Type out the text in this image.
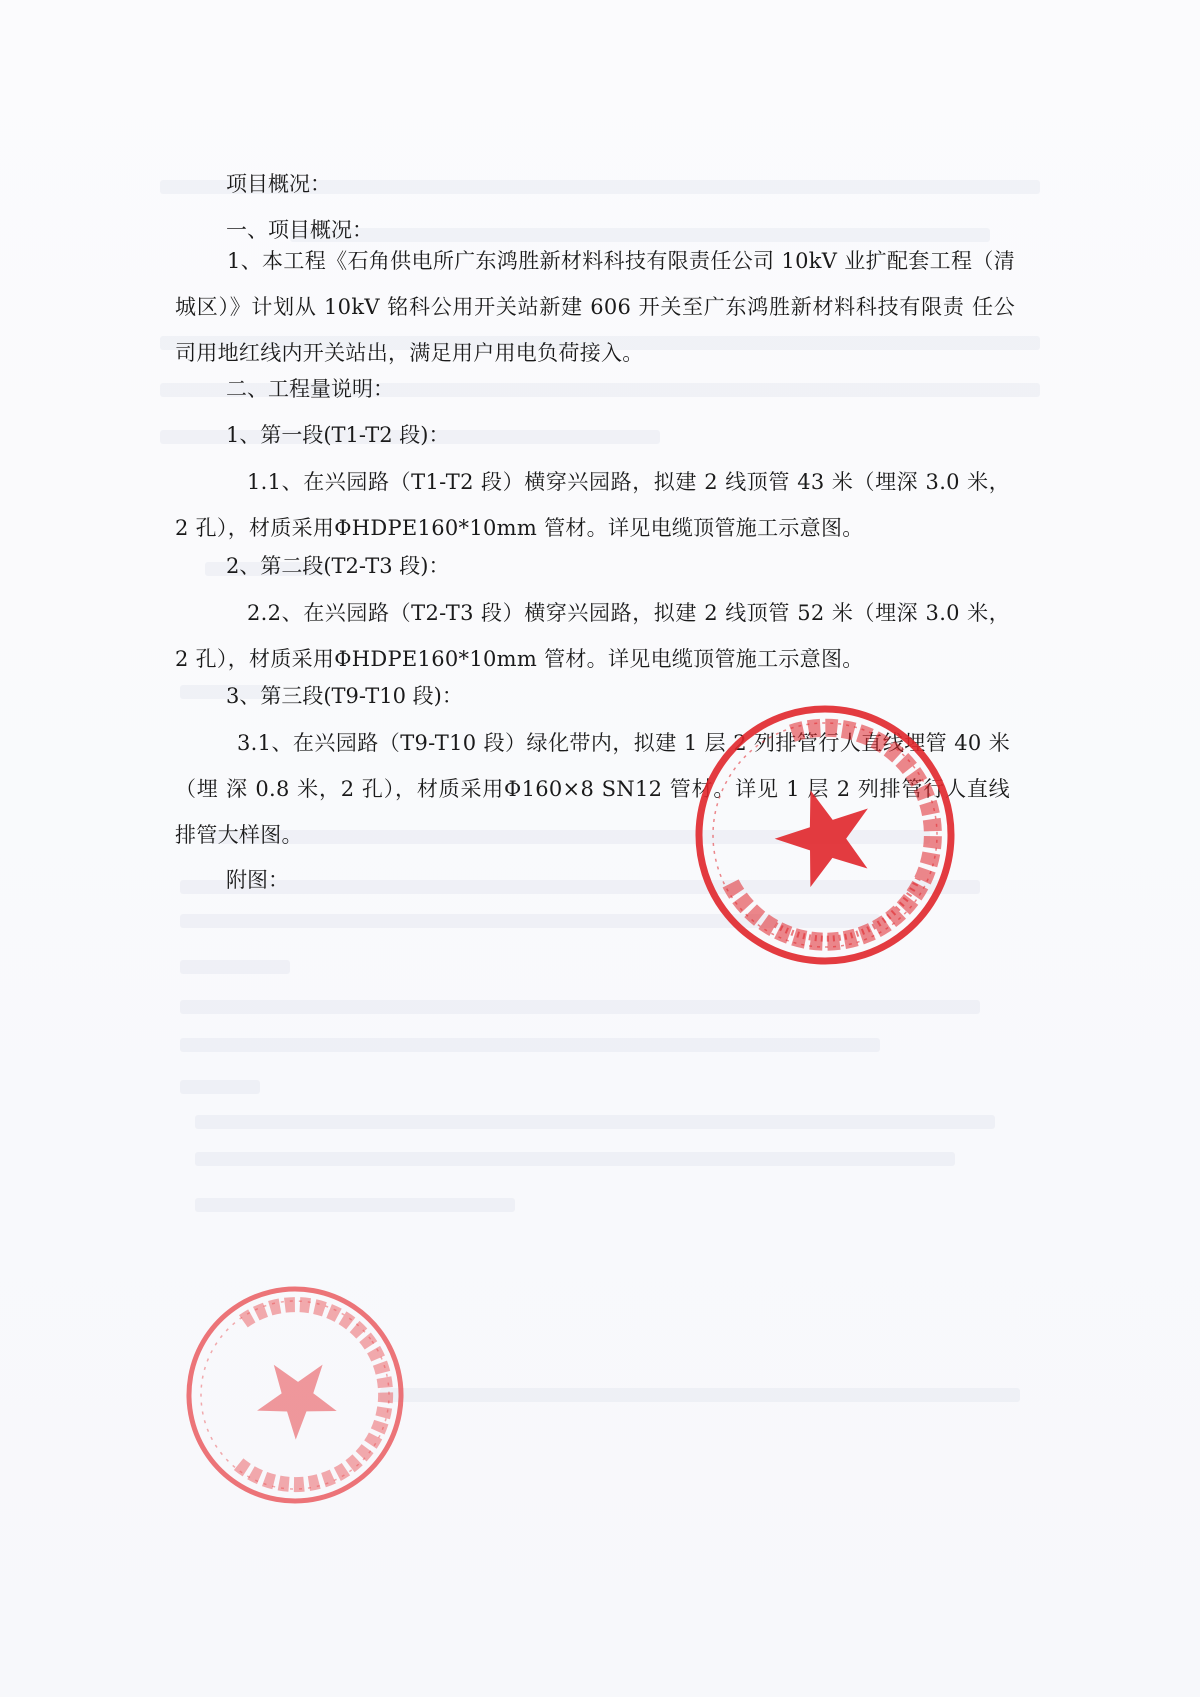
项目概况：
一、项目概况：
1、本工程《石角供电所广东鸿胜新材料科技有限责任公司 10kV 业扩配套工程（清 城区）》计划从 10kV 铭科公用开关站新建 606 开关至广东鸿胜新材料科技有限责 任公司用地红线内开关站出，满足用户用电负荷接入。
二、工程量说明：
1、第一段(T1-T2 段)：
1.1、在兴园路（T1-T2 段）横穿兴园路，拟建 2 线顶管 43 米（埋深 3.0 米，2 孔），材质采用ΦHDPE160*10mm 管材。详见电缆顶管施工示意图。
2、第二段(T2-T3 段)：
2.2、在兴园路（T2-T3 段）横穿兴园路，拟建 2 线顶管 52 米（埋深 3.0 米，2 孔），材质采用ΦHDPE160*10mm 管材。详见电缆顶管施工示意图。
3、第三段(T9-T10 段)：
3.1、在兴园路（T9-T10 段）绿化带内，拟建 1 层 2 列排管行人直线埋管 40 米（埋 深 0.8 米，2 孔），材质采用Φ160×8 SN12 管材。详见 1 层 2 列排管行人直线排管大样图。
附图：
